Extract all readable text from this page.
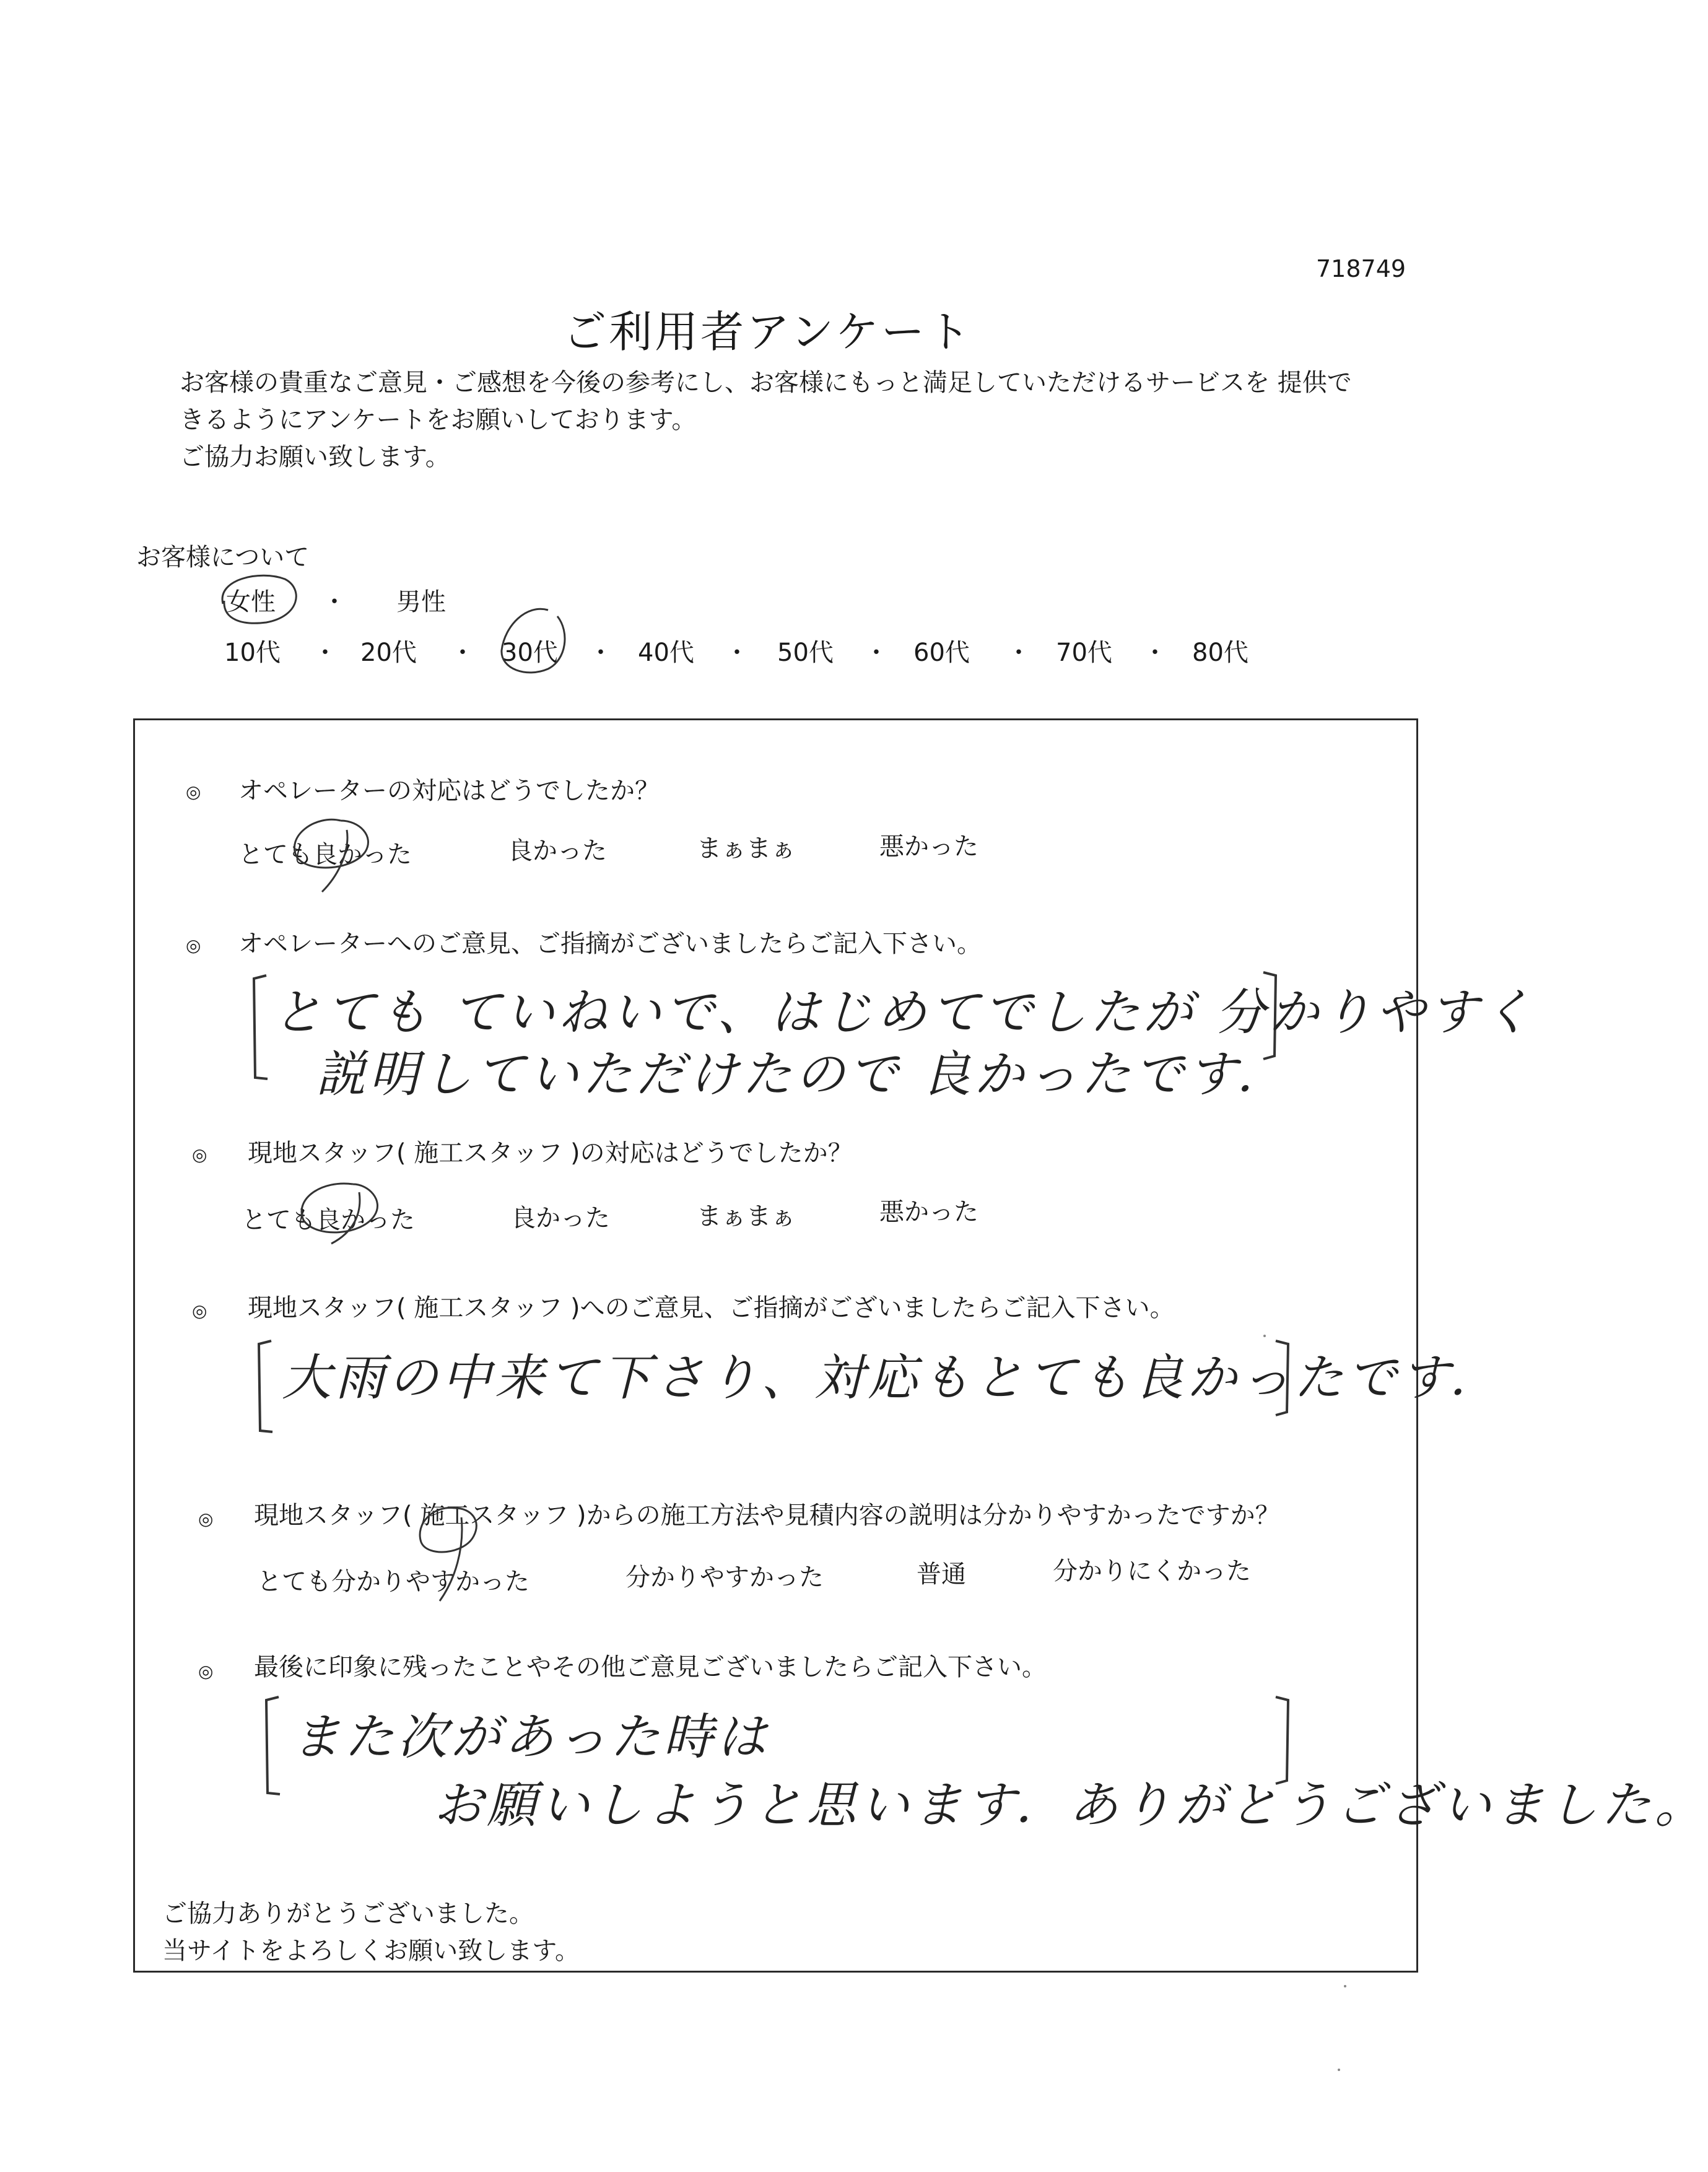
718749
ご利用者アンケート
お客様の貴重なご意見・ご感想を今後の参考にし、お客様にもっと満足していただけるサービスを 提供で
きるようにアンケートをお願いしております。
ご協力お願い致します。
お客様について
女性 ・ 男性
10代 ・ 20代 ・ 30代 ・ 40代 ・ 50代 ・ 60代 ・ 70代 ・ 80代
◎ オペレーターの対応はどうでしたか？
とても良かった	良かった	まぁまぁ	悪かった
◎ オペレーターへのご意見、ご指摘がございましたらご記入下さい。
とても ていねいで、はじめてでしたが 分かりやすく
説明していただけたので 良かったです．
◎ 現地スタッフ( 施工スタッフ )の対応はどうでしたか？
とても良かった	良かった	まぁまぁ	悪かった
◎ 現地スタッフ( 施工スタッフ )へのご意見、ご指摘がございましたらご記入下さい。
大雨の中来て下さり、対応もとても良かったです．
◎ 現地スタッフ( 施工スタッフ )からの施工方法や見積内容の説明は分かりやすかったですか？
とても分かりやすかった	分かりやすかった	普通	分かりにくかった
◎ 最後に印象に残ったことやその他ご意見ございましたらご記入下さい。
また次があった時は
お願いしようと思います．ありがとうございました。
ご協力ありがとうございました。
当サイトをよろしくお願い致します。
